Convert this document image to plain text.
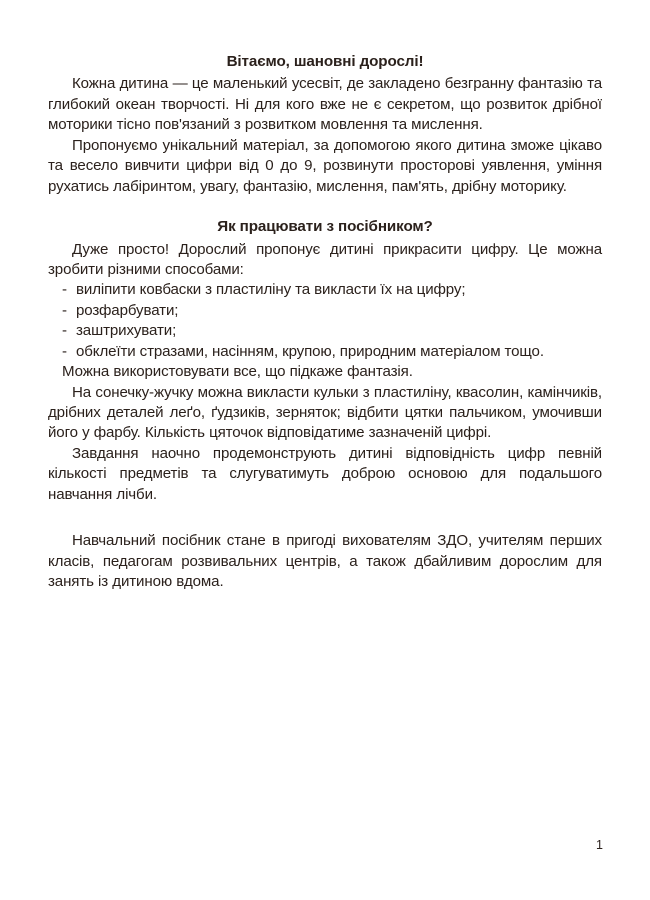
Вітаємо, шановні дорослі!

Кожна дитина — це маленький усесвіт, де закладено безгранну фантазію та глибокий океан творчості. Ні для кого вже не є секретом, що розвиток дрібної моторики тісно пов'язаний з розвитком мовлення та мислення.

Пропонуємо унікальний матеріал, за допомогою якого дитина зможе цікаво та весело вивчити цифри від 0 до 9, розвинути просторові уявлення, уміння рухатись лабіринтом, увагу, фантазію, мислення, пам'ять, дрібну моторику.

Як працювати з посібником?

Дуже просто! Дорослий пропонує дитині прикрасити цифру. Це можна зробити різними способами:

- виліпити ковбаски з пластиліну та викласти їх на цифру;
- розфарбувати;
- заштрихувати;
- обклеїти стразами, насінням, крупою, природним матеріалом тощо.

Можна використовувати все, що підкаже фантазія.

На сонечку-жучку можна викласти кульки з пластиліну, квасолин, камінчиків, дрібних деталей леґо, ґудзиків, зерняток; відбити цятки пальчиком, умочивши його у фарбу. Кількість цяточок відповідатиме зазначеній цифрі.

Завдання наочно продемонструють дитині відповідність цифр певній кількості предметів та слугуватимуть доброю основою для подальшого навчання лічби.

Навчальний посібник стане в пригоді вихователям ЗДО, учителям перших класів, педагогам розвивальних центрів, а також дбайливим дорослим для занять із дитиною вдома.

1
